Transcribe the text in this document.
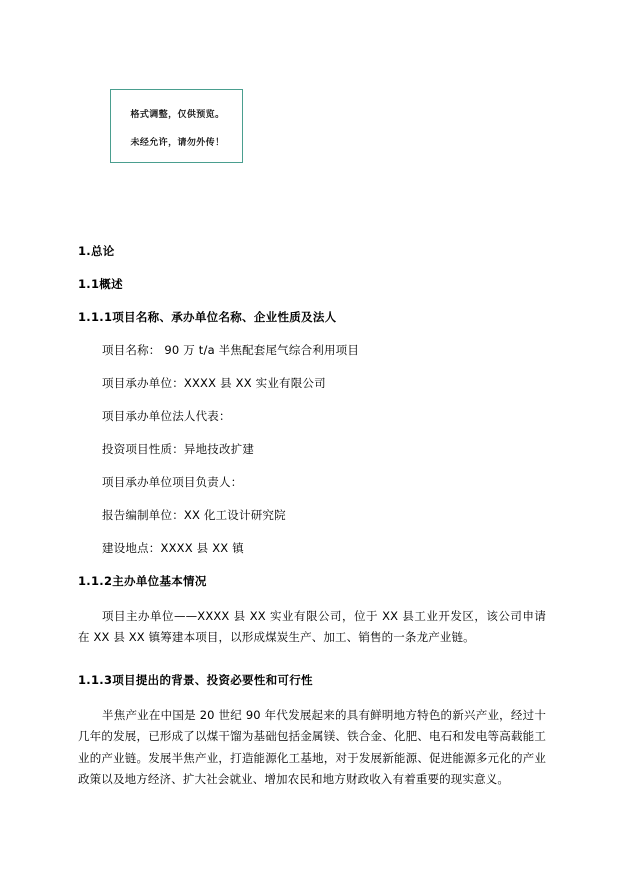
格式调整，仅供预览。
未经允许，请勿外传！
1.总论
1.1概述
1.1.1项目名称、承办单位名称、企业性质及法人
项目名称： 90 万 t/a 半焦配套尾气综合利用项目
项目承办单位：XXXX 县 XX 实业有限公司
项目承办单位法人代表：
投资项目性质：异地技改扩建
项目承办单位项目负责人：
报告编制单位：XX 化工设计研究院
建设地点：XXXX 县 XX 镇
1.1.2主办单位基本情况
项目主办单位——XXXX 县 XX 实业有限公司，位于 XX 县工业开发区，该公司申请在 XX 县 XX 镇筹建本项目，以形成煤炭生产、加工、销售的一条龙产业链。
1.1.3项目提出的背景、投资必要性和可行性
半焦产业在中国是 20 世纪 90 年代发展起来的具有鲜明地方特色的新兴产业，经过十几年的发展，已形成了以煤干馏为基础包括金属镁、铁合金、化肥、电石和发电等高载能工业的产业链。发展半焦产业，打造能源化工基地，对于发展新能源、促进能源多元化的产业政策以及地方经济、扩大社会就业、增加农民和地方财政收入有着重要的现实意义。
